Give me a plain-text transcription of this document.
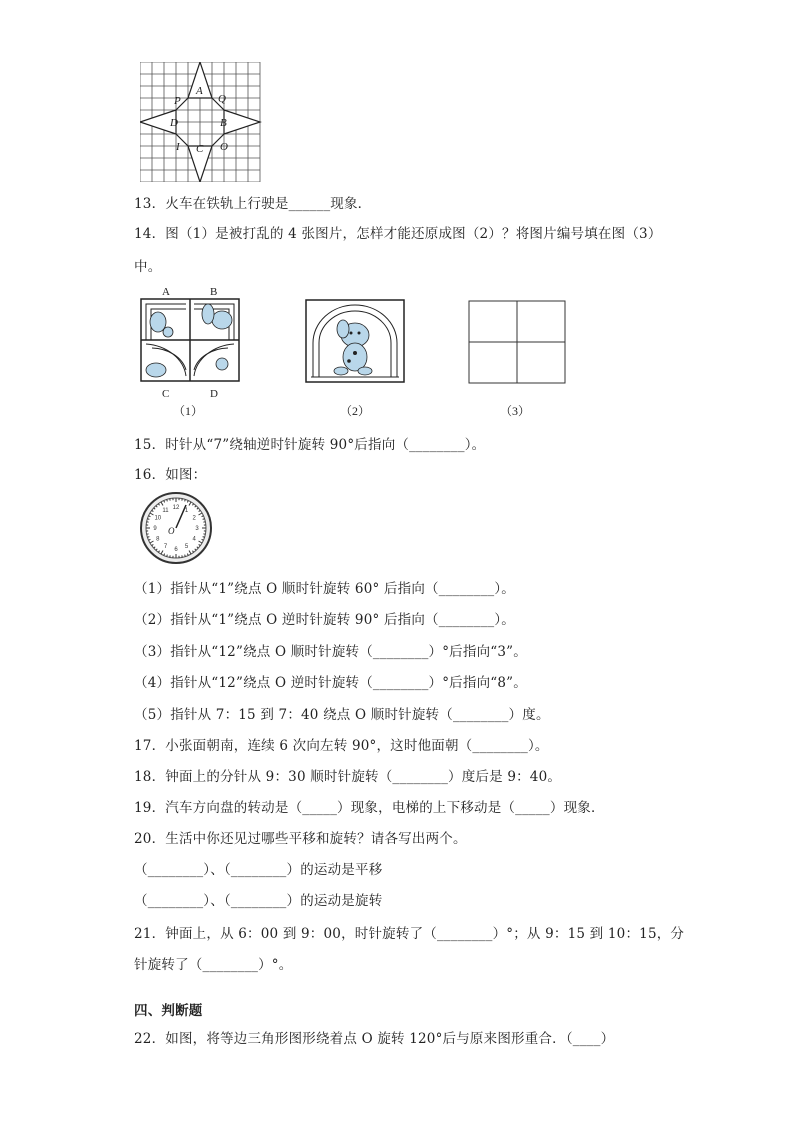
A
B
C
D
P	Q
I	O
13．火车在铁轨上行驶是______现象．
14．图（1）是被打乱的 4 张图片，怎样才能还原成图（2）？将图片编号填在图（3）
中。
A	B
C	D
（1）	（2）	（3）
15．时针从“7”绕轴逆时针旋转 90°后指向（________）。
16．如图：
12 1
2
3
4
5
6
7
8
9
10
11
O
（1）指针从“1”绕点 O 顺时针旋转 60° 后指向（________）。
（2）指针从“1”绕点 O 逆时针旋转 90° 后指向（________）。
（3）指针从“12”绕点 O 顺时针旋转（________）°后指向“3”。
（4）指针从“12”绕点 O 逆时针旋转（________）°后指向“8”。
（5）指针从 7：15 到 7：40 绕点 O 顺时针旋转（________）度。
17．小张面朝南，连续 6 次向左转 90°，这时他面朝（________）。
18．钟面上的分针从 9：30 顺时针旋转（________）度后是 9：40。
19．汽车方向盘的转动是（_____）现象，电梯的上下移动是（_____）现象．
20．生活中你还见过哪些平移和旋转？请各写出两个。
（________）、（________）的运动是平移
（________）、（________）的运动是旋转
21．钟面上，从 6：00 到 9：00，时针旋转了（________）°；从 9：15 到 10：15，分
针旋转了（________）°。
四、判断题
22．如图，将等边三角形图形绕着点 O 旋转 120°后与原来图形重合．（____）
